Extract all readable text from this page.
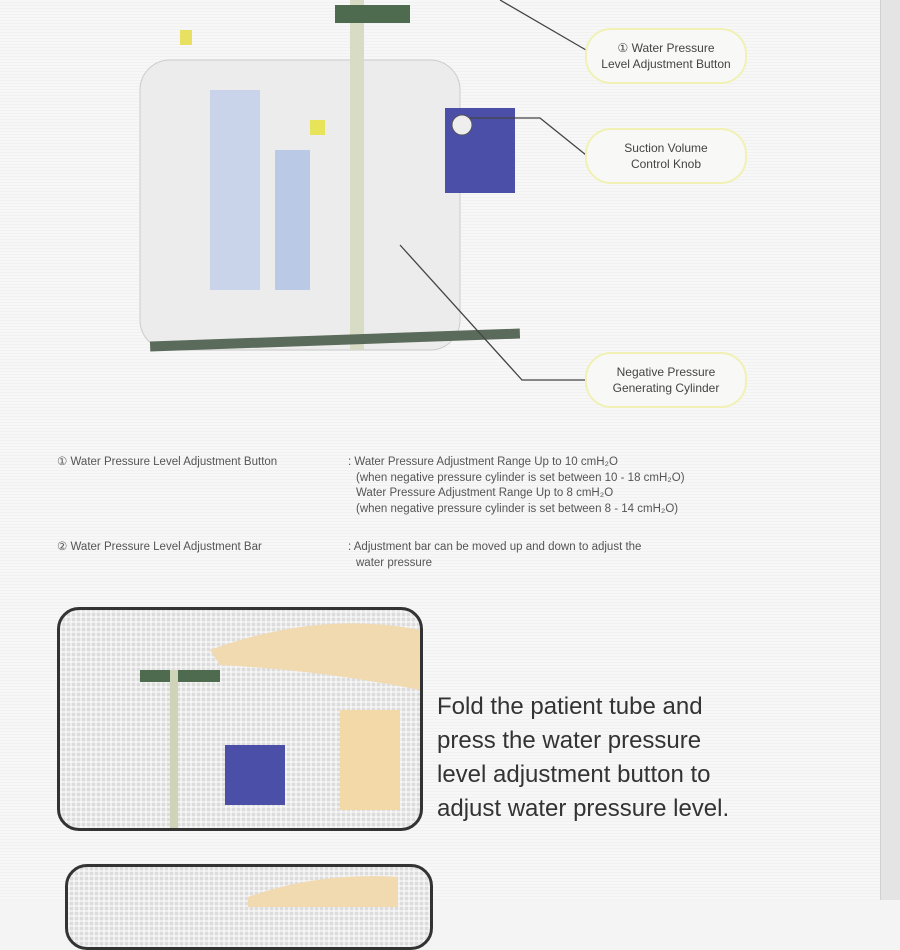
① Water Pressure
Level Adjustment Button
Suction Volume
Control Knob
Negative Pressure
Generating Cylinder
① Water Pressure Level Adjustment Button	: Water Pressure Adjustment Range Up to 10 cmH₂O
(when negative pressure cylinder is set between 10 - 18 cmH₂O)
Water Pressure Adjustment Range Up to 8 cmH₂O
(when negative pressure cylinder is set between 8 - 14 cmH₂O)
② Water Pressure Level Adjustment Bar	: Adjustment bar can be moved up and down to adjust the
water pressure
Fold the patient tube and
press the water pressure
level adjustment button to
adjust water pressure level.
